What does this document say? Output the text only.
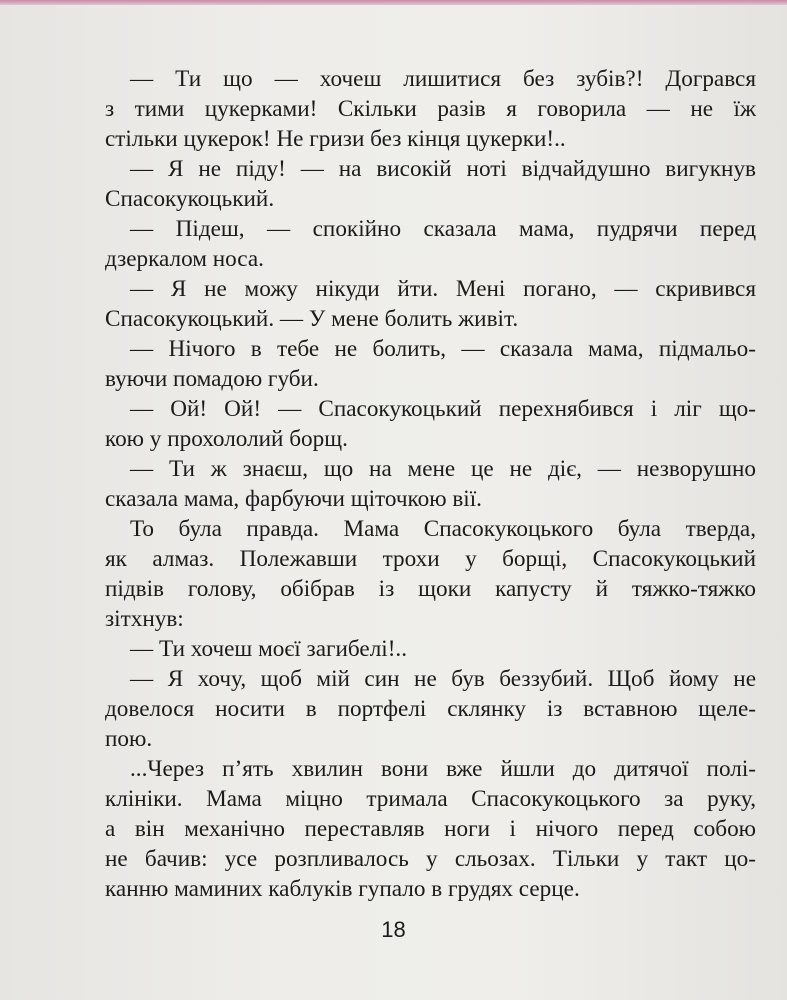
— Ти що — хочеш лишитися без зубів?! Догрався
з тими цукерками! Скільки разів я говорила — не їж
стільки цукерок! Не гризи без кінця цукерки!..
— Я не піду! — на високій ноті відчайдушно вигукнув
Спасокукоцький.
— Підеш, — спокійно сказала мама, пудрячи перед
дзеркалом носа.
— Я не можу нікуди йти. Мені погано, — скривився
Спасокукоцький. — У мене болить живіт.
— Нічого в тебе не болить, — сказала мама, підмальо-
вуючи помадою губи.
— Ой! Ой! — Спасокукоцький перехнябився і ліг що-
кою у прохололий борщ.
— Ти ж знаєш, що на мене це не діє, — незворушно
сказала мама, фарбуючи щіточкою вії.
То була правда. Мама Спасокукоцького була тверда,
як алмаз. Полежавши трохи у борщі, Спасокукоцький
підвів голову, обібрав із щоки капусту й тяжко-тяжко
зітхнув:
— Ти хочеш моєї загибелі!..
— Я хочу, щоб мій син не був беззубий. Щоб йому не
довелося носити в портфелі склянку із вставною щеле-
пою.
...Через п’ять хвилин вони вже йшли до дитячої полі-
клініки. Мама міцно тримала Спасокукоцького за руку,
а він механічно переставляв ноги і нічого перед собою
не бачив: усе розпливалось у сльозах. Тільки у такт цо-
канню маминих каблуків гупало в грудях серце.
18
